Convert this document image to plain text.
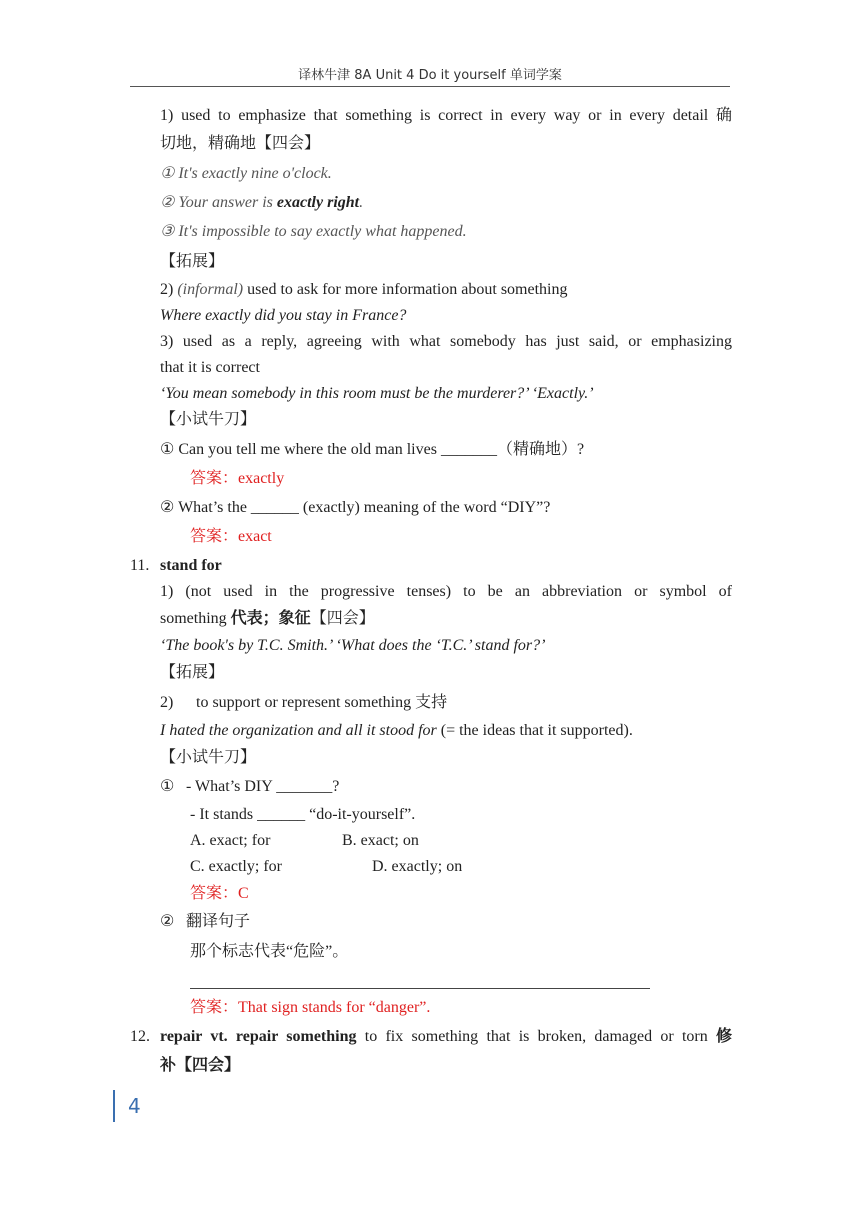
译林牛津 8A Unit 4 Do it yourself 单词学案
1) used to emphasize that something is correct in every way or in every detail 确
切地，精确地【四会】
① It's exactly nine o'clock.
② Your answer is exactly right.
③ It's impossible to say exactly what happened.
【拓展】
2) (informal) used to ask for more information about something
Where exactly did you stay in France?
3) used as a reply, agreeing with what somebody has just said, or emphasizing
that it is correct
‘You mean somebody in this room must be the murderer?’ ‘Exactly.’
【小试牛刀】
① Can you tell me where the old man lives _______（精确地）?
答案：exactly
② What’s the ______ (exactly) meaning of the word “DIY”?
答案：exact
11. stand for
1) (not used in the progressive tenses) to be an abbreviation or symbol of
something 代表；象征【四会】
‘The book's by T.C. Smith.’ ‘What does the ‘T.C.’ stand for?’
【拓展】
2) to support or represent something 支持
I hated the organization and all it stood for (= the ideas that it supported).
【小试牛刀】
① - What’s DIY _______?
- It stands ______ “do-it-yourself”.
A. exact; for	B. exact; on
C. exactly; for	D. exactly; on
答案：C
② 翻译句子
那个标志代表“危险”。
答案：That sign stands for “danger”.
12. repair vt. repair something to fix something that is broken, damaged or torn 修
补【四会】
4
